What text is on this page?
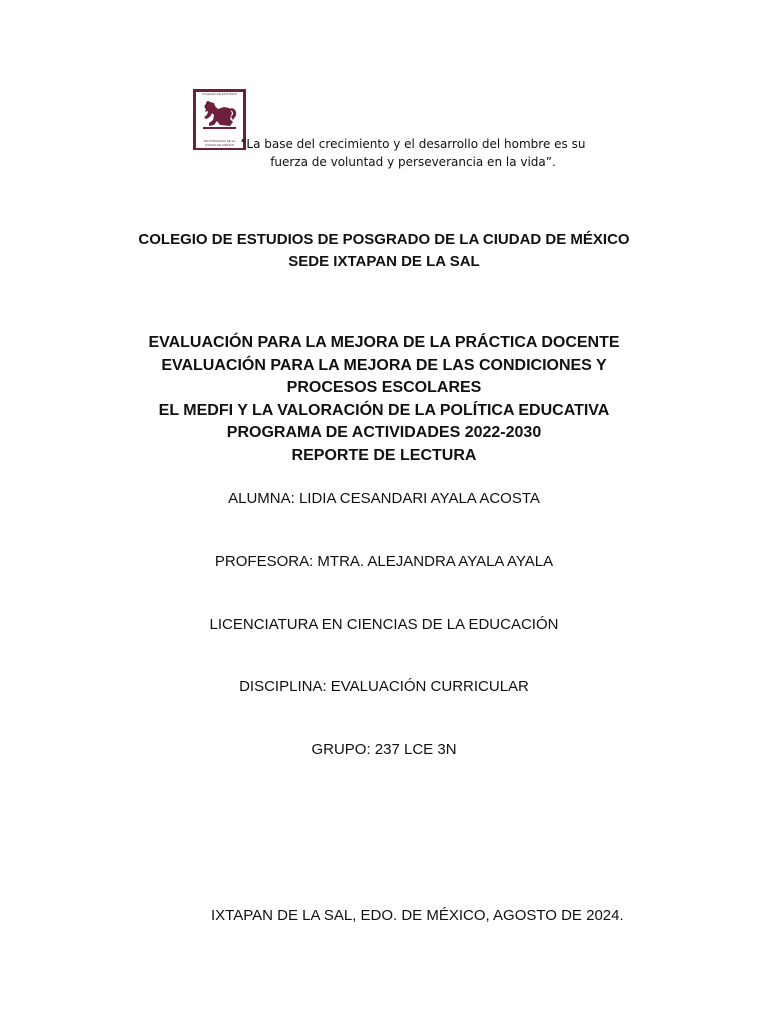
COLEGIO DE ESTUDIOS
DE POSGRADO DE LA
CIUDAD DE MÉXICO “La base del crecimiento y el desarrollo del hombre es su
fuerza de voluntad y perseverancia en la vida”.
COLEGIO DE ESTUDIOS DE POSGRADO DE LA CIUDAD DE MÉXICO
SEDE IXTAPAN DE LA SAL
EVALUACIÓN PARA LA MEJORA DE LA PRÁCTICA DOCENTE
EVALUACIÓN PARA LA MEJORA DE LAS CONDICIONES Y
PROCESOS ESCOLARES
EL MEDFI Y LA VALORACIÓN DE LA POLÍTICA EDUCATIVA
PROGRAMA DE ACTIVIDADES 2022-2030
REPORTE DE LECTURA
ALUMNA: LIDIA CESANDARI AYALA ACOSTA
PROFESORA: MTRA. ALEJANDRA AYALA AYALA
LICENCIATURA EN CIENCIAS DE LA EDUCACIÓN
DISCIPLINA: EVALUACIÓN CURRICULAR
GRUPO: 237 LCE 3N
IXTAPAN DE LA SAL, EDO. DE MÉXICO, AGOSTO DE 2024.
